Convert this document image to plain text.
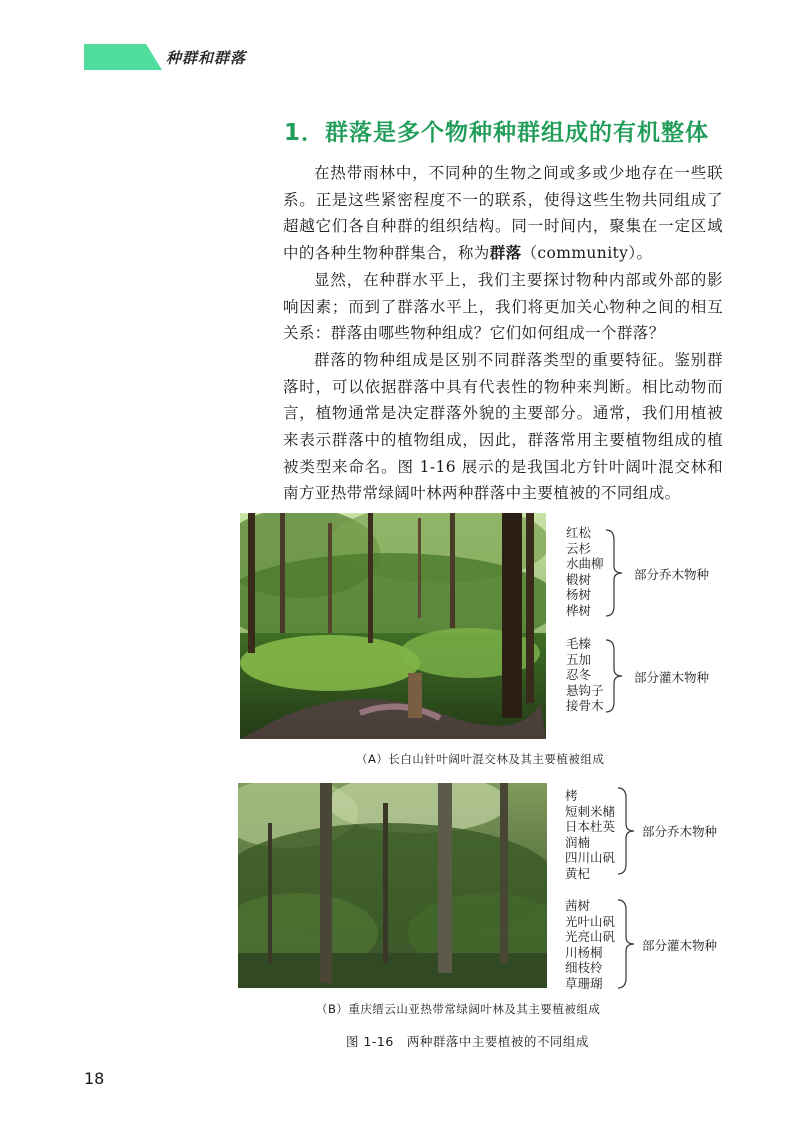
种群和群落
1．群落是多个物种种群组成的有机整体

在热带雨林中，不同种的生物之间或多或少地存在一些联系。正是这些紧密程度不一的联系，使得这些生物共同组成了超越它们各自种群的组织结构。同一时间内，聚集在一定区域中的各种生物种群集合，称为群落（community）。

显然，在种群水平上，我们主要探讨物种内部或外部的影响因素；而到了群落水平上，我们将更加关心物种之间的相互关系：群落由哪些物种组成？它们如何组成一个群落？

群落的物种组成是区别不同群落类型的重要特征。鉴别群落时，可以依据群落中具有代表性的物种来判断。相比动物而言，植物通常是决定群落外貌的主要部分。通常，我们用植被来表示群落中的植物组成，因此，群落常用主要植物组成的植被类型来命名。图 1-16 展示的是我国北方针叶阔叶混交林和南方亚热带常绿阔叶林两种群落中主要植被的不同组成。

红松
云杉
水曲柳
椴树
杨树
桦树
部分乔木物种
毛榛
五加
忍冬
悬钩子
接骨木
部分灌木物种
（A）长白山针叶阔叶混交林及其主要植被组成
栲
短刺米槠
日本杜英
润楠
四川山矾
黄杞
部分乔木物种
茜树
光叶山矾
光亮山矾
川杨桐
细枝柃
草珊瑚
部分灌木物种
（B）重庆缙云山亚热带常绿阔叶林及其主要植被组成
图 1-16　两种群落中主要植被的不同组成
18
